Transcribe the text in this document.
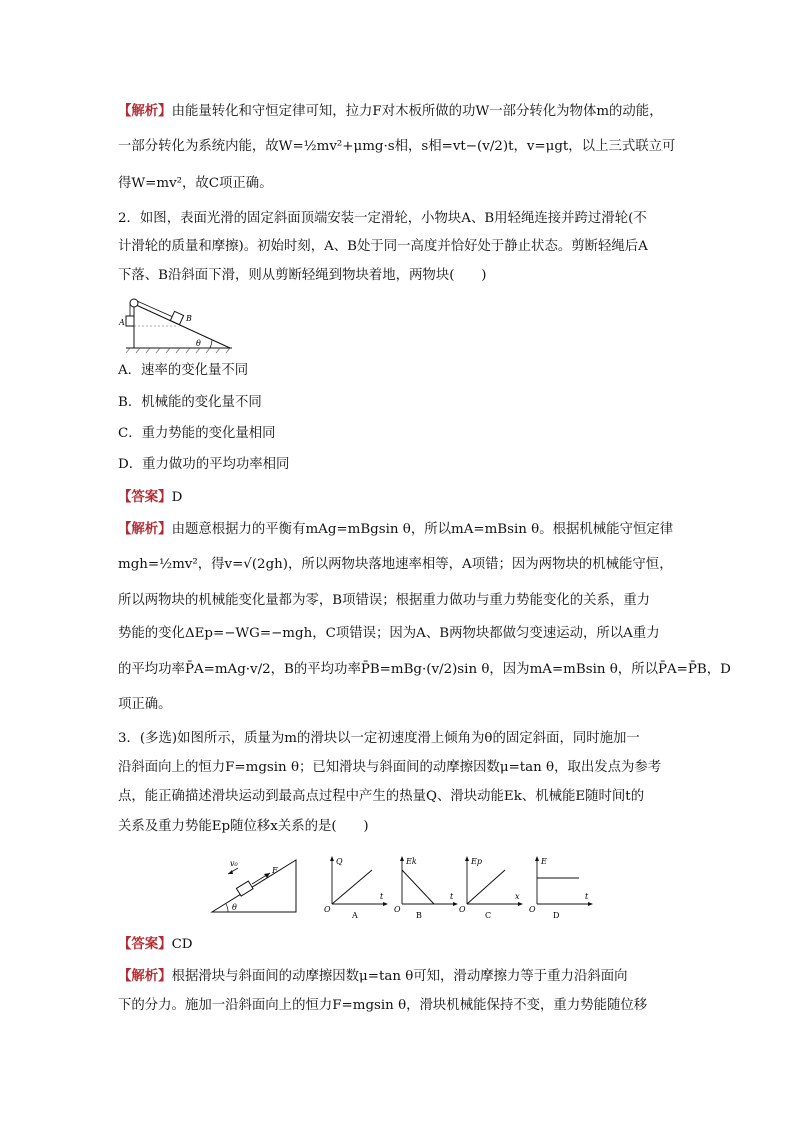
【解析】由能量转化和守恒定律可知，拉力F对木板所做的功W一部分转化为物体m的动能，
一部分转化为系统内能，故W=½mv²+μmg·s相，s相=vt−(v/2)t，v=μgt，以上三式联立可
得W=mv²，故C项正确。
2．如图，表面光滑的固定斜面顶端安装一定滑轮，小物块A、B用轻绳连接并跨过滑轮(不
计滑轮的质量和摩擦)。初始时刻，A、B处于同一高度并恰好处于静止状态。剪断轻绳后A
下落、B沿斜面下滑，则从剪断轻绳到物块着地，两物块(　　)
A	B
θ
A．速率的变化量不同
B．机械能的变化量不同
C．重力势能的变化量相同
D．重力做功的平均功率相同
【答案】D
【解析】由题意根据力的平衡有mAg=mBgsin θ，所以mA=mBsin θ。根据机械能守恒定律
mgh=½mv²，得v=√(2gh)，所以两物块落地速率相等，A项错；因为两物块的机械能守恒，
所以两物块的机械能变化量都为零，B项错误；根据重力做功与重力势能变化的关系，重力
势能的变化ΔEp=−WG=−mgh，C项错误；因为A、B两物块都做匀变速运动，所以A重力
的平均功率P̄A=mAg·v/2，B的平均功率P̄B=mBg·(v/2)sin θ，因为mA=mBsin θ，所以P̄A=P̄B，D
项正确。
3．(多选)如图所示，质量为m的滑块以一定初速度滑上倾角为θ的固定斜面，同时施加一
沿斜面向上的恒力F=mgsin θ；已知滑块与斜面间的动摩擦因数μ=tan θ，取出发点为参考
点，能正确描述滑块运动到最高点过程中产生的热量Q、滑块动能Ek、机械能E随时间t的
关系及重力势能Ep随位移x关系的是(　　)
v₀
F
θ
Q
t
O
A
Ek
t
O
B
Ep
x
O
C
E
t
O
D
【答案】CD
【解析】根据滑块与斜面间的动摩擦因数μ=tan θ可知，滑动摩擦力等于重力沿斜面向
下的分力。施加一沿斜面向上的恒力F=mgsin θ，滑块机械能保持不变，重力势能随位移
